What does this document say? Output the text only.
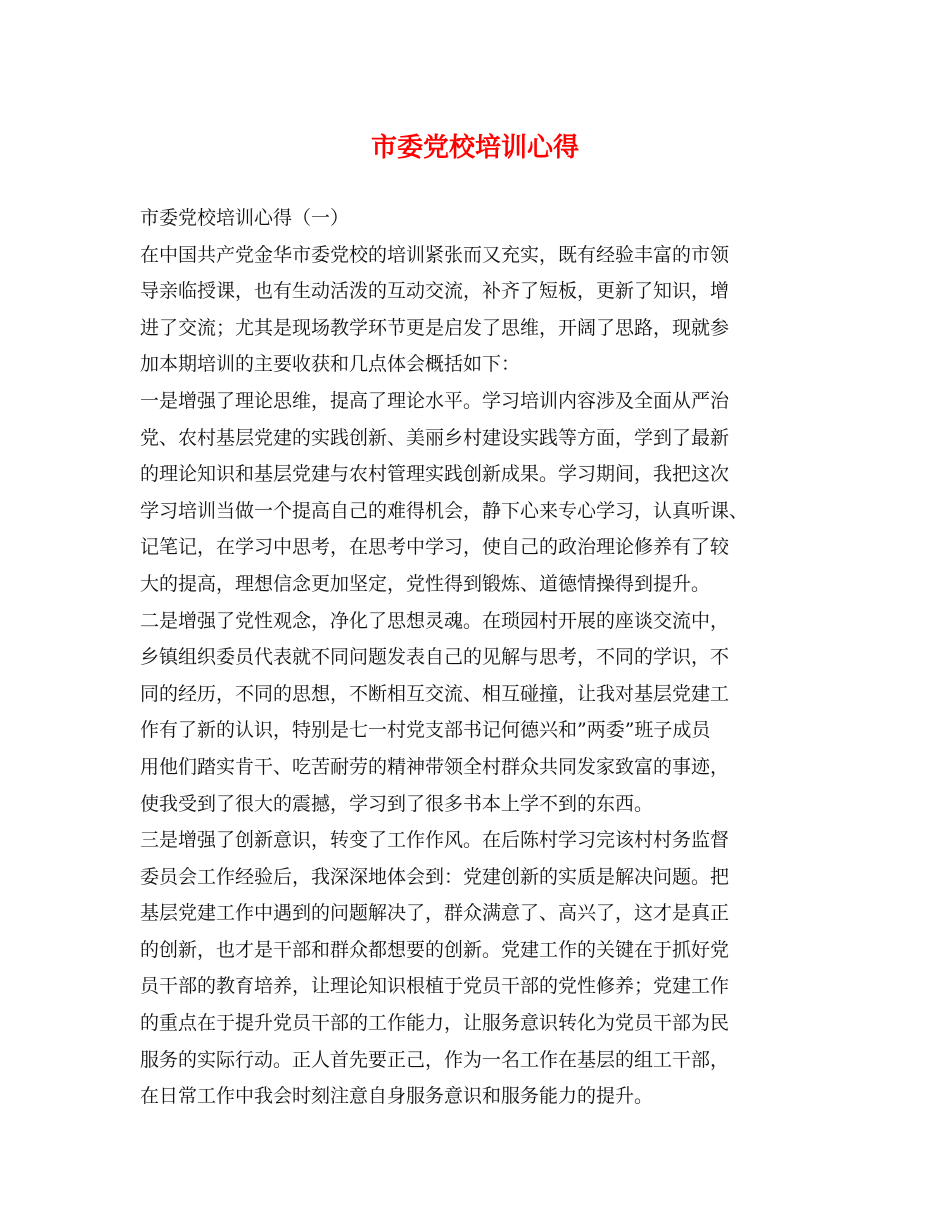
市委党校培训心得
市委党校培训心得（一）
在中国共产党金华市委党校的培训紧张而又充实，既有经验丰富的市领
导亲临授课，也有生动活泼的互动交流，补齐了短板，更新了知识，增
进了交流；尤其是现场教学环节更是启发了思维，开阔了思路，现就参
加本期培训的主要收获和几点体会概括如下：
一是增强了理论思维，提高了理论水平。学习培训内容涉及全面从严治
党、农村基层党建的实践创新、美丽乡村建设实践等方面，学到了最新
的理论知识和基层党建与农村管理实践创新成果。学习期间，我把这次
学习培训当做一个提高自己的难得机会，静下心来专心学习，认真听课、
记笔记，在学习中思考，在思考中学习，使自己的政治理论修养有了较
大的提高，理想信念更加坚定，党性得到锻炼、道德情操得到提升。
二是增强了党性观念，净化了思想灵魂。在琐园村开展的座谈交流中，
乡镇组织委员代表就不同问题发表自己的见解与思考，不同的学识，不
同的经历，不同的思想，不断相互交流、相互碰撞，让我对基层党建工
作有了新的认识，特别是七一村党支部书记何德兴和”两委”班子成员
用他们踏实肯干、吃苦耐劳的精神带领全村群众共同发家致富的事迹，
使我受到了很大的震撼，学习到了很多书本上学不到的东西。
三是增强了创新意识，转变了工作作风。在后陈村学习完该村村务监督
委员会工作经验后，我深深地体会到：党建创新的实质是解决问题。把
基层党建工作中遇到的问题解决了，群众满意了、高兴了，这才是真正
的创新，也才是干部和群众都想要的创新。党建工作的关键在于抓好党
员干部的教育培养，让理论知识根植于党员干部的党性修养；党建工作
的重点在于提升党员干部的工作能力，让服务意识转化为党员干部为民
服务的实际行动。正人首先要正己，作为一名工作在基层的组工干部，
在日常工作中我会时刻注意自身服务意识和服务能力的提升。
